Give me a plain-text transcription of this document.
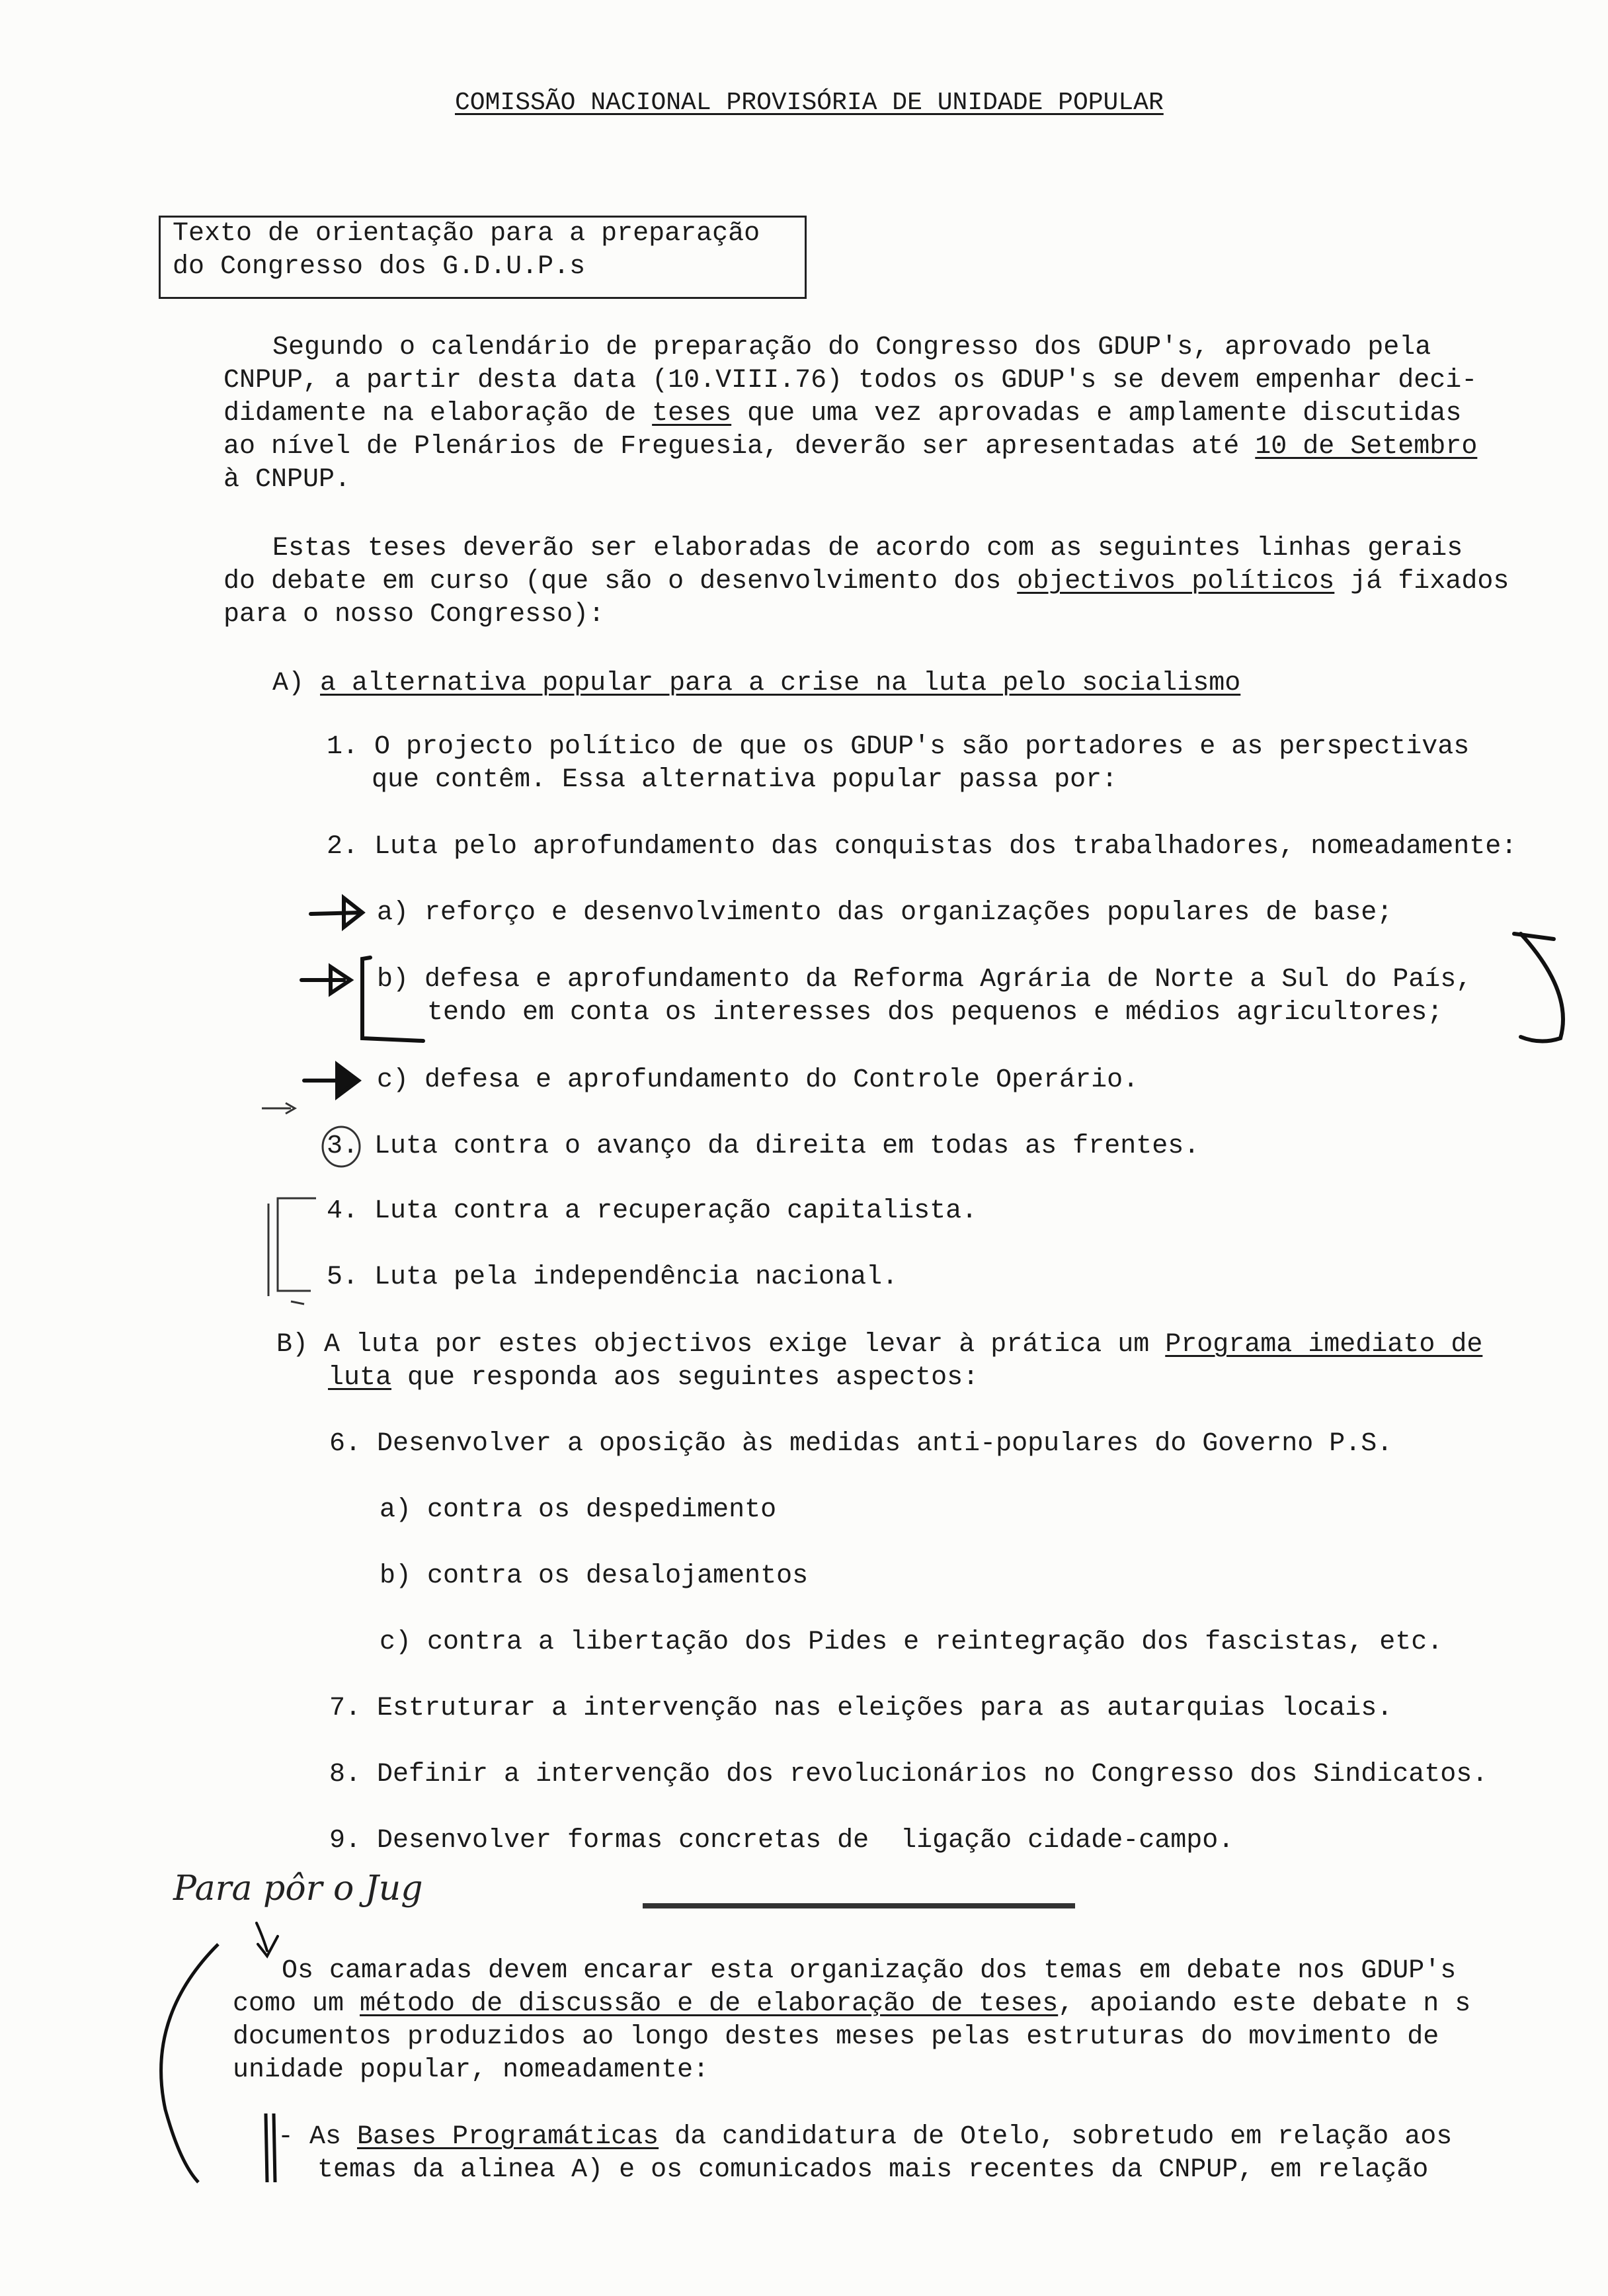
COMISSÃO NACIONAL PROVISÓRIA DE UNIDADE POPULAR
Texto de orientação para a preparação
do Congresso dos G.D.U.P.s
Segundo o calendário de preparação do Congresso dos GDUP's, aprovado pela
CNPUP, a partir desta data (10.VIII.76) todos os GDUP's se devem empenhar deci-
didamente na elaboração de teses que uma vez aprovadas e amplamente discutidas
ao nível de Plenários de Freguesia, deverão ser apresentadas até 10 de Setembro
à CNPUP.
Estas teses deverão ser elaboradas de acordo com as seguintes linhas gerais
do debate em curso (que são o desenvolvimento dos objectivos políticos já fixados
para o nosso Congresso):
A) a alternativa popular para a crise na luta pelo socialismo
1. O projecto político de que os GDUP's são portadores e as perspectivas
que contêm. Essa alternativa popular passa por:
2. Luta pelo aprofundamento das conquistas dos trabalhadores, nomeadamente:
a) reforço e desenvolvimento das organizações populares de base;
b) defesa e aprofundamento da Reforma Agrária de Norte a Sul do País,
tendo em conta os interesses dos pequenos e médios agricultores;
c) defesa e aprofundamento do Controle Operário.
3. Luta contra o avanço da direita em todas as frentes.
4. Luta contra a recuperação capitalista.
5. Luta pela independência nacional.
B) A luta por estes objectivos exige levar à prática um Programa imediato de
luta que responda aos seguintes aspectos:
6. Desenvolver a oposição às medidas anti-populares do Governo P.S.
a) contra os despedimento
b) contra os desalojamentos
c) contra a libertação dos Pides e reintegração dos fascistas, etc.
7. Estruturar a intervenção nas eleições para as autarquias locais.
8. Definir a intervenção dos revolucionários no Congresso dos Sindicatos.
9. Desenvolver formas concretas de  ligação cidade-campo.
Para pôr o Jug
Os camaradas devem encarar esta organização dos temas em debate nos GDUP's
como um método de discussão e de elaboração de teses, apoiando este debate n s
documentos produzidos ao longo destes meses pelas estruturas do movimento de
unidade popular, nomeadamente:
- As Bases Programáticas da candidatura de Otelo, sobretudo em relação aos
temas da alinea A) e os comunicados mais recentes da CNPUP, em relação
